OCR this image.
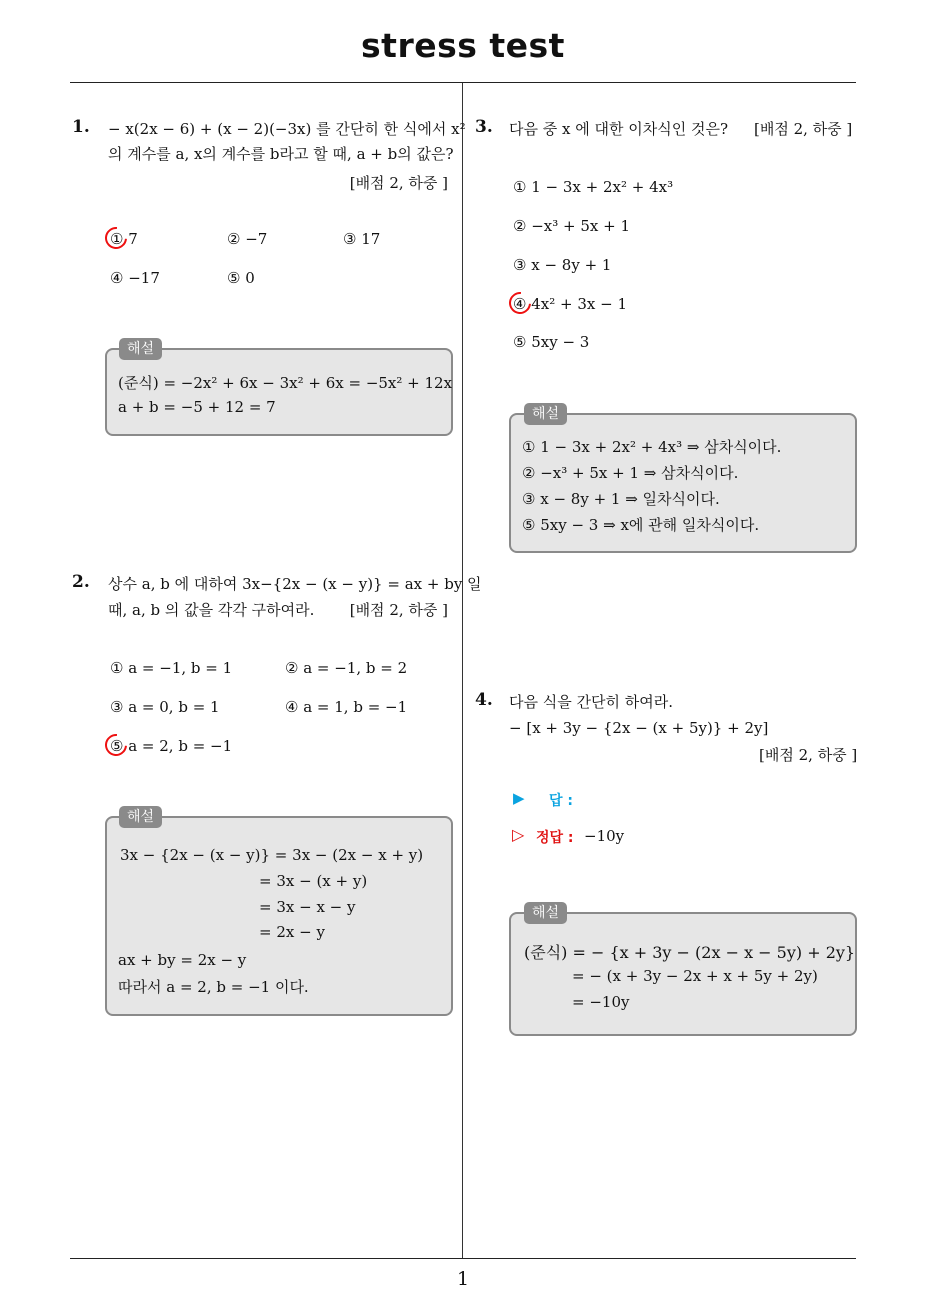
stress test
1. − x(2x − 6) + (x − 2)(−3x) 를 간단히 한 식에서 x²
의 계수를 a, x의 계수를 b라고 할 때, a + b의 값은?
[배점 2, 하중 ]
① 7	② −7	③ 17
④ −17	⑤ 0
해설
(준식) = −2x² + 6x − 3x² + 6x = −5x² + 12x
a + b = −5 + 12 = 7
2. 상수 a, b 에 대하여 3x−{2x − (x − y)} = ax + by 일
때, a, b 의 값을 각각 구하여라. [배점 2, 하중 ]
① a = −1, b = 1	② a = −1, b = 2
③ a = 0, b = 1	④ a = 1, b = −1
⑤ a = 2, b = −1
해설
3x − {2x − (x − y)} = 3x − (2x − x + y)
= 3x − (x + y)
= 3x − x − y
= 2x − y
ax + by = 2x − y
따라서 a = 2, b = −1 이다.
3. 다음 중 x 에 대한 이차식인 것은? [배점 2, 하중 ]
① 1 − 3x + 2x² + 4x³
② −x³ + 5x + 1
③ x − 8y + 1
④ 4x² + 3x − 1
⑤ 5xy − 3
해설
① 1 − 3x + 2x² + 4x³ ⇒ 삼차식이다.
② −x³ + 5x + 1 ⇒ 삼차식이다.
③ x − 8y + 1 ⇒ 일차식이다.
⑤ 5xy − 3 ⇒ x에 관해 일차식이다.
4. 다음 식을 간단히 하여라.
− [x + 3y − {2x − (x + 5y)} + 2y]
[배점 2, 하중 ]
▶ 답 :
▷ 정답 : −10y
해설
(준식) = − {x + 3y − (2x − x − 5y) + 2y}
= − (x + 3y − 2x + x + 5y + 2y)
= −10y
1
